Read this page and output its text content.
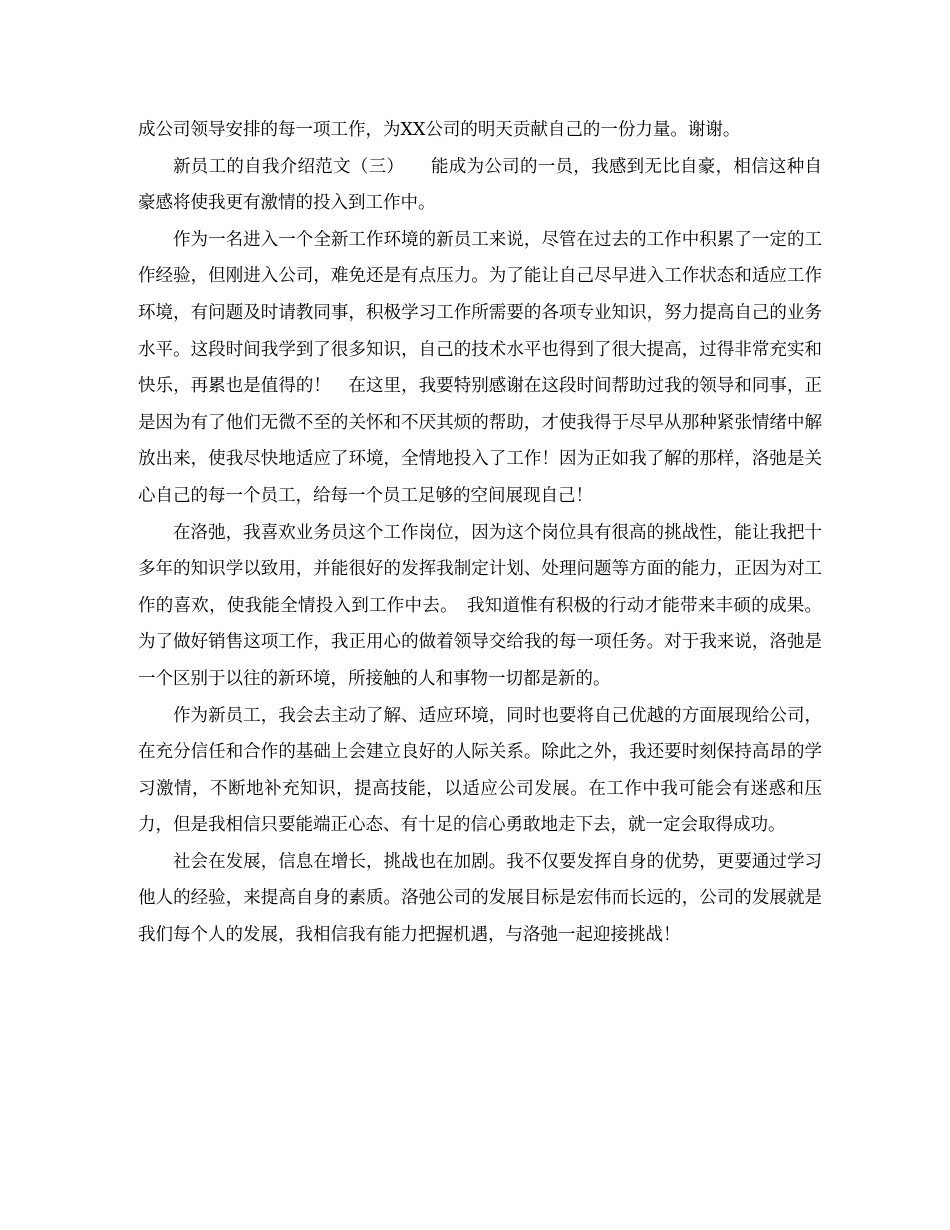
成公司领导安排的每一项工作，为XX公司的明天贡献自己的一份力量。谢谢。

新员工的自我介绍范文（三）　　能成为公司的一员，我感到无比自豪，相信这种自豪感将使我更有激情的投入到工作中。

作为一名进入一个全新工作环境的新员工来说，尽管在过去的工作中积累了一定的工作经验，但刚进入公司，难免还是有点压力。为了能让自己尽早进入工作状态和适应工作环境，有问题及时请教同事，积极学习工作所需要的各项专业知识，努力提高自己的业务水平。这段时间我学到了很多知识，自己的技术水平也得到了很大提高，过得非常充实和快乐，再累也是值得的！　在这里，我要特别感谢在这段时间帮助过我的领导和同事，正是因为有了他们无微不至的关怀和不厌其烦的帮助，才使我得于尽早从那种紧张情绪中解放出来，使我尽快地适应了环境，全情地投入了工作！因为正如我了解的那样，洛弛是关心自己的每一个员工，给每一个员工足够的空间展现自己！

在洛弛，我喜欢业务员这个工作岗位，因为这个岗位具有很高的挑战性，能让我把十多年的知识学以致用，并能很好的发挥我制定计划、处理问题等方面的能力，正因为对工作的喜欢，使我能全情投入到工作中去。　我知道惟有积极的行动才能带来丰硕的成果。为了做好销售这项工作，我正用心的做着领导交给我的每一项任务。对于我来说，洛弛是一个区别于以往的新环境，所接触的人和事物一切都是新的。

作为新员工，我会去主动了解、适应环境，同时也要将自己优越的方面展现给公司，在充分信任和合作的基础上会建立良好的人际关系。除此之外，我还要时刻保持高昂的学习激情，不断地补充知识，提高技能，以适应公司发展。在工作中我可能会有迷惑和压力，但是我相信只要能端正心态、有十足的信心勇敢地走下去，就一定会取得成功。

社会在发展，信息在增长，挑战也在加剧。我不仅要发挥自身的优势，更要通过学习他人的经验，来提高自身的素质。洛弛公司的发展目标是宏伟而长远的，公司的发展就是我们每个人的发展，我相信我有能力把握机遇，与洛弛一起迎接挑战！
